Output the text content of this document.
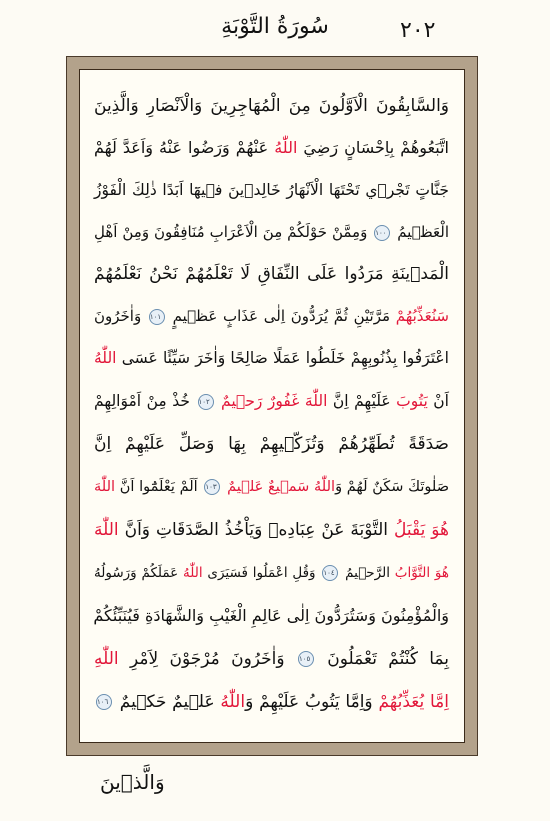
٢٠٢
سُورَةُ التَّوْبَةِ
وَالسَّابِقُونَ الْاَوَّلُونَ مِنَ الْمُهَاجِرِينَ وَالْاَنْصَارِ وَالَّذِينَ
اتَّبَعُوهُمْ بِاِحْسَانٍ رَضِيَ اللّٰهُ عَنْهُمْ وَرَضُوا عَنْهُ وَاَعَدَّ لَهُمْ
جَنَّاتٍ تَجْرٖي تَحْتَهَا الْاَنْهَارُ خَالِدٖينَ فٖيهَٓا اَبَدًا ذٰلِكَ الْفَوْزُ
الْعَظٖيمُ ١٠٠ وَمِمَّنْ حَوْلَكُمْ مِنَ الْاَعْرَابِ مُنَافِقُونَ وَمِنْ اَهْلِ
الْمَدٖينَةِ مَرَدُوا عَلَى النِّفَاقِ لَا تَعْلَمُهُمْ نَحْنُ نَعْلَمُهُمْ
سَنُعَذِّبُهُمْ مَرَّتَيْنِ ثُمَّ يُرَدُّونَ اِلٰى عَذَابٍ عَظٖيمٍ ١٠١ وَاٰخَرُونَ
اعْتَرَفُوا بِذُنُوبِهِمْ خَلَطُوا عَمَلًا صَالِحًا وَاٰخَرَ سَيِّئًا عَسَى اللّٰهُ
اَنْ يَتُوبَ عَلَيْهِمْ اِنَّ اللّٰهَ غَفُورٌ رَحٖيمٌ ١٠٢ خُذْ مِنْ اَمْوَالِهِمْ
صَدَقَةً تُطَهِّرُهُمْ وَتُزَكّٖيهِمْ بِهَا وَصَلِّ عَلَيْهِمْ اِنَّ
صَلٰوتَكَ سَكَنٌ لَهُمْ وَاللّٰهُ سَمٖيعٌ عَلٖيمٌ ١٠٣ اَلَمْ يَعْلَمُٓوا اَنَّ اللّٰهَ
هُوَ يَقْبَلُ التَّوْبَةَ عَنْ عِبَادِهٖ وَيَاْخُذُ الصَّدَقَاتِ وَاَنَّ اللّٰهَ
هُوَ التَّوَّابُ الرَّحٖيمُ ١٠٤ وَقُلِ اعْمَلُوا فَسَيَرَى اللّٰهُ عَمَلَكُمْ وَرَسُولُهُ
وَالْمُؤْمِنُونَ وَسَتُرَدُّونَ اِلٰى عَالِمِ الْغَيْبِ وَالشَّهَادَةِ فَيُنَبِّئُكُمْ
بِمَا كُنْتُمْ تَعْمَلُونَ ١٠٥ وَاٰخَرُونَ مُرْجَوْنَ لِاَمْرِ اللّٰهِ
اِمَّا يُعَذِّبُهُمْ وَاِمَّا يَتُوبُ عَلَيْهِمْ وَاللّٰهُ عَلٖيمٌ حَكٖيمٌ ١٠٦
وَالَّذٖينَ
